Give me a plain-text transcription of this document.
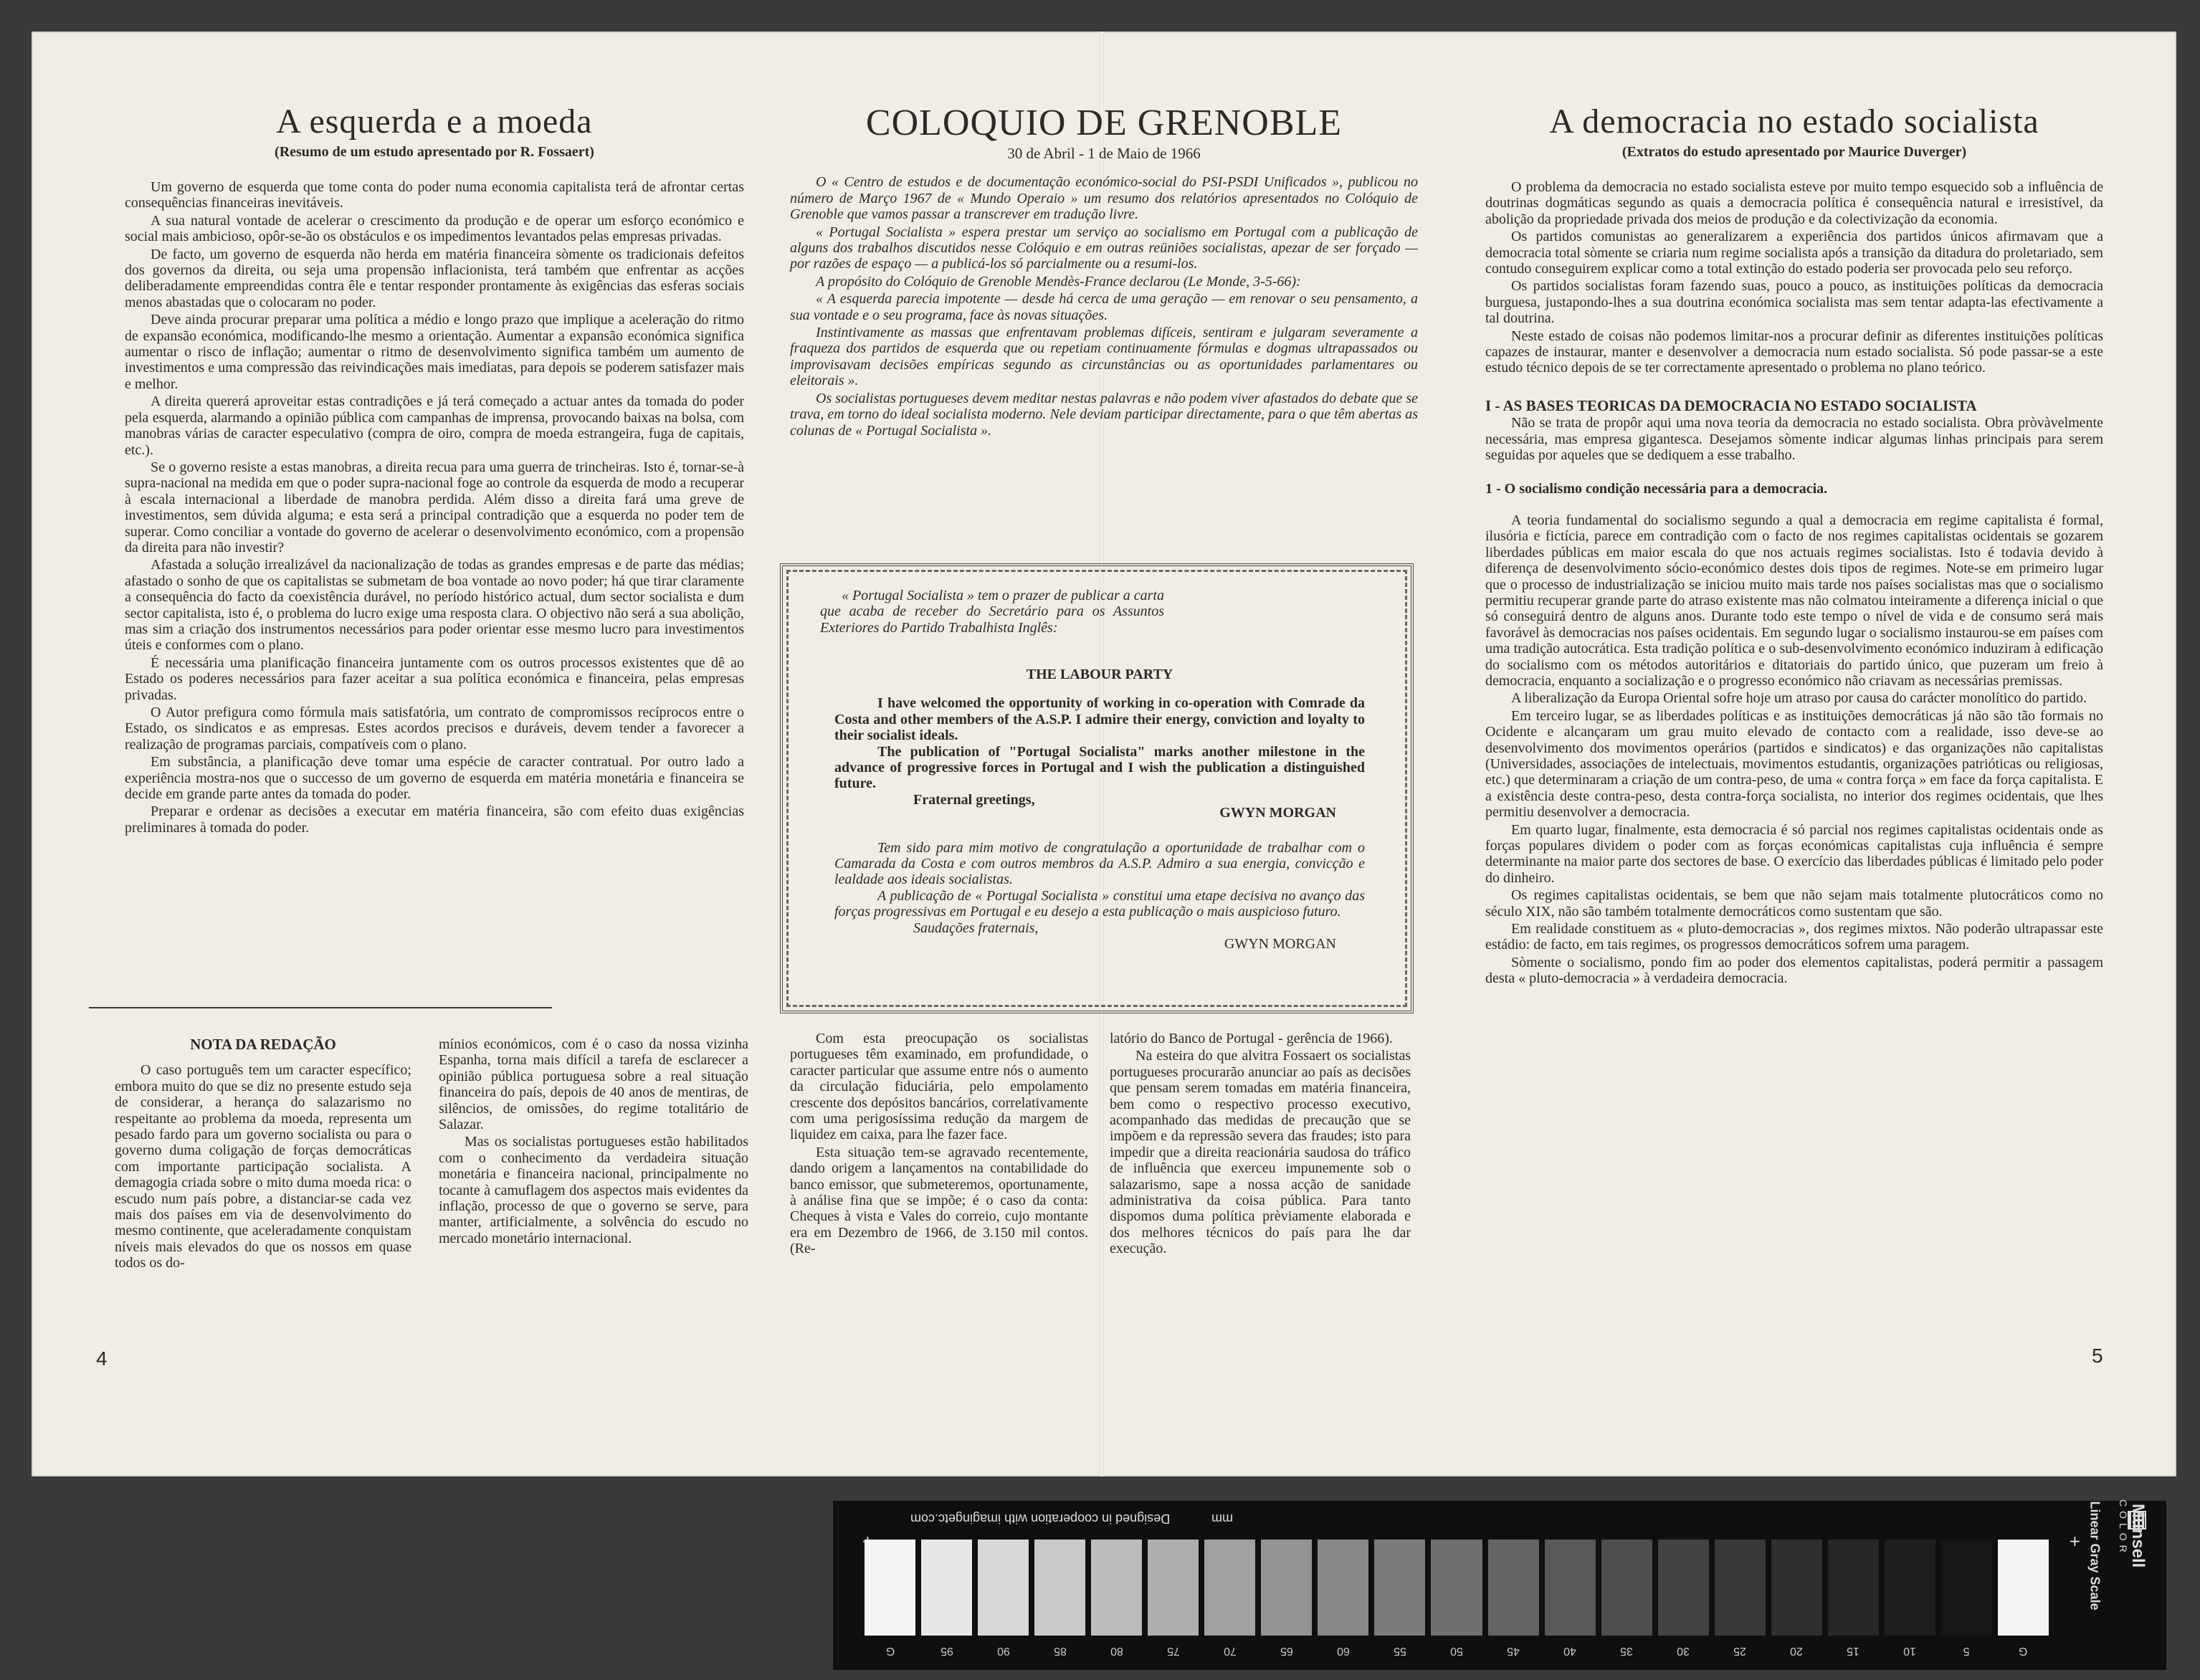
A esquerda e a moeda
(Resumo de um estudo apresentado por R. Fossaert)

Um governo de esquerda que tome conta do poder numa economia capitalista terá de afrontar certas consequências financeiras inevitáveis.

A sua natural vontade de acelerar o crescimento da produção e de operar um esforço económico e social mais ambicioso, opôr-se-ão os obstáculos e os impedimentos levantados pelas empresas privadas.

De facto, um governo de esquerda não herda em matéria financeira sòmente os tradicionais defeitos dos governos da direita, ou seja uma propensão inflacionista, terá também que enfrentar as acções deliberadamente empreendidas contra êle e tentar responder prontamente às exigências das esferas sociais menos abastadas que o colocaram no poder.

Deve ainda procurar preparar uma política a médio e longo prazo que implique a aceleração do ritmo de expansão económica, modificando-lhe mesmo a orientação. Aumentar a expansão económica significa aumentar o risco de inflação; aumentar o ritmo de desenvolvimento significa também um aumento de investimentos e uma compressão das reivindicações mais imediatas, para depois se poderem satisfazer mais e melhor.

A direita quererá aproveitar estas contradições e já terá começado a actuar antes da tomada do poder pela esquerda, alarmando a opinião pública com campanhas de imprensa, provocando baixas na bolsa, com manobras várias de caracter especulativo (compra de oiro, compra de moeda estrangeira, fuga de capitais, etc.).

Se o governo resiste a estas manobras, a direita recua para uma guerra de trincheiras. Isto é, tornar-se-à supra-nacional na medida em que o poder supra-nacional foge ao controle da esquerda de modo a recuperar à escala internacional a liberdade de manobra perdida. Além disso a direita fará uma greve de investimentos, sem dúvida alguma; e esta será a principal contradição que a esquerda no poder tem de superar. Como conciliar a vontade do governo de acelerar o desenvolvimento económico, com a propensão da direita para não investir?

Afastada a solução irrealizável da nacionalização de todas as grandes empresas e de parte das médias; afastado o sonho de que os capitalistas se submetam de boa vontade ao novo poder; há que tirar claramente a consequência do facto da coexistência durável, no período histórico actual, dum sector socialista e dum sector capitalista, isto é, o problema do lucro exige uma resposta clara. O objectivo não será a sua abolição, mas sim a criação dos instrumentos necessários para poder orientar esse mesmo lucro para investimentos úteis e conformes com o plano.

É necessária uma planificação financeira juntamente com os outros processos existentes que dê ao Estado os poderes necessários para fazer aceitar a sua política económica e financeira, pelas empresas privadas.

O Autor prefigura como fórmula mais satisfatória, um contrato de compromissos recíprocos entre o Estado, os sindicatos e as empresas. Estes acordos precisos e duráveis, devem tender a favorecer a realização de programas parciais, compatíveis com o plano.

Em substância, a planificação deve tomar uma espécie de caracter contratual. Por outro lado a experiência mostra-nos que o successo de um governo de esquerda em matéria monetária e financeira se decide em grande parte antes da tomada do poder.

Preparar e ordenar as decisões a executar em matéria financeira, são com efeito duas exigências preliminares à tomada do poder.

NOTA DA REDAÇÃO

O caso português tem um caracter específico; embora muito do que se diz no presente estudo seja de considerar, a herança do salazarismo no respeitante ao problema da moeda, representa um pesado fardo para um governo socialista ou para o governo duma coligação de forças democráticas com importante participação socialista. A demagogia criada sobre o mito duma moeda rica: o escudo num país pobre, a distanciar-se cada vez mais dos países em via de desenvolvimento do mesmo continente, que aceleradamente conquistam níveis mais elevados do que os nossos em quase todos os do-

mínios económicos, com é o caso da nossa vizinha Espanha, torna mais difícil a tarefa de esclarecer a opinião pública portuguesa sobre a real situação financeira do país, depois de 40 anos de mentiras, de silêncios, de omissões, do regime totalitário de Salazar.

Mas os socialistas portugueses estão habilitados com o conhecimento da verdadeira situação monetária e financeira nacional, principalmente no tocante à camuflagem dos aspectos mais evidentes da inflação, processo de que o governo se serve, para manter, artificialmente, a solvência do escudo no mercado monetário internacional.

4
COLOQUIO DE GRENOBLE

30 de Abril - 1 de Maio de 1966

O « Centro de estudos e de documentação económico-social do PSI-PSDI Unificados », publicou no número de Março 1967 de « Mundo Operaio » um resumo dos relatórios apresentados no Colóquio de Grenoble que vamos passar a transcrever em tradução livre.

« Portugal Socialista » espera prestar um serviço ao socialismo em Portugal com a publicação de alguns dos trabalhos discutidos nesse Colóquio e em outras reüniões socialistas, apezar de ser forçado — por razões de espaço — a publicá-los só parcialmente ou a resumi-los.

A propósito do Colóquio de Grenoble Mendès-France declarou (Le Monde, 3-5-66):

« A esquerda parecia impotente — desde há cerca de uma geração — em renovar o seu pensamento, a sua vontade e o seu programa, face às novas situações.

Instintivamente as massas que enfrentavam problemas difíceis, sentiram e julgaram severamente a fraqueza dos partidos de esquerda que ou repetiam continuamente fórmulas e dogmas ultrapassados ou improvisavam decisões empíricas segundo as circunstâncias ou as oportunidades parlamentares ou eleitorais ».

Os socialistas portugueses devem meditar nestas palavras e não podem viver afastados do debate que se trava, em torno do ideal socialista moderno. Nele deviam participar directamente, para o que têm abertas as colunas de « Portugal Socialista ».

« Portugal Socialista » tem o prazer de publicar a carta que acaba de receber do Secretário para os Assuntos Exteriores do Partido Trabalhista Inglês:

THE LABOUR PARTY

I have welcomed the opportunity of working in co-operation with Comrade da Costa and other members of the A.S.P. I admire their energy, conviction and loyalty to their socialist ideals.

The publication of "Portugal Socialista" marks another milestone in the advance of progressive forces in Portugal and I wish the publication a distinguished future.

Fraternal greetings,

GWYN MORGAN

Tem sido para mim motivo de congratulação a oportunidade de trabalhar com o Camarada da Costa e com outros membros da A.S.P. Admiro a sua energia, convicção e lealdade aos ideais socialistas.

A publicação de « Portugal Socialista » constitui uma etape decisiva no avanço das forças progressivas em Portugal e eu desejo a esta publicação o mais auspicioso futuro.

Saudações fraternais,

GWYN MORGAN

Com esta preocupação os socialistas portugueses têm examinado, em profundidade, o caracter particular que assume entre nós o aumento da circulação fiduciária, pelo empolamento crescente dos depósitos bancários, correlativamente com uma perigosíssima redução da margem de liquidez em caixa, para lhe fazer face.

Esta situação tem-se agravado recentemente, dando origem a lançamentos na contabilidade do banco emissor, que submeteremos, oportunamente, à análise fina que se impõe; é o caso da conta: Cheques à vista e Vales do correio, cujo montante era em Dezembro de 1966, de 3.150 mil contos. (Re-

latório do Banco de Portugal - gerência de 1966).

Na esteira do que alvitra Fossaert os socialistas portugueses procurarão anunciar ao país as decisões que pensam serem tomadas em matéria financeira, bem como o respectivo processo executivo, acompanhado das medidas de precaução que se impõem e da repressão severa das fraudes; isto para impedir que a direita reacionária saudosa do tráfico de influência que exerceu impunemente sob o salazarismo, sape a nossa acção de sanidade administrativa da coisa pública. Para tanto dispomos duma política prèviamente elaborada e dos melhores técnicos do país para lhe dar execução.

A democracia no estado socialista
(Extratos do estudo apresentado por Maurice Duverger)

O problema da democracia no estado socialista esteve por muito tempo esquecido sob a influência de doutrinas dogmáticas segundo as quais a democracia política é consequência natural e irresistível, da abolição da propriedade privada dos meios de produção e da colectivização da economia.

Os partidos comunistas ao generalizarem a experiência dos partidos únicos afirmavam que a democracia total sòmente se criaria num regime socialista após a transição da ditadura do proletariado, sem contudo conseguirem explicar como a total extinção do estado poderia ser provocada pelo seu reforço.

Os partidos socialistas foram fazendo suas, pouco a pouco, as instituições políticas da democracia burguesa, justapondo-lhes a sua doutrina económica socialista mas sem tentar adapta-las efectivamente a tal doutrina.

Neste estado de coisas não podemos limitar-nos a procurar definir as diferentes instituições políticas capazes de instaurar, manter e desenvolver a democracia num estado socialista. Só pode passar-se a este estudo técnico depois de se ter correctamente apresentado o problema no plano teórico.

I - AS BASES TEORICAS DA DEMOCRACIA NO ESTADO SOCIALISTA

Não se trata de propôr aqui uma nova teoria da democracia no estado socialista. Obra pròvàvelmente necessária, mas empresa gigantesca. Desejamos sòmente indicar algumas linhas principais para serem seguidas por aqueles que se dediquem a esse trabalho.

1 - O socialismo condição necessária para a democracia.

A teoria fundamental do socialismo segundo a qual a democracia em regime capitalista é formal, ilusória e fictícia, parece em contradição com o facto de nos regimes capitalistas ocidentais se gozarem liberdades públicas em maior escala do que nos actuais regimes socialistas. Isto é todavia devido à diferença de desenvolvimento sócio-económico destes dois tipos de regimes. Note-se em primeiro lugar que o processo de industrialização se iniciou muito mais tarde nos países socialistas mas que o socialismo permitiu recuperar grande parte do atraso existente mas não colmatou inteiramente a diferença inicial o que só conseguirá dentro de alguns anos. Durante todo este tempo o nível de vida e de consumo será mais favorável às democracias nos países ocidentais. Em segundo lugar o socialismo instaurou-se em países com uma tradição autocrática. Esta tradição política e o sub-desenvolvimento económico induziram à edificação do socialismo com os métodos autoritários e ditatoriais do partido único, que puzeram um freio à democracia, enquanto a socialização e o progresso económico não criavam as necessárias premissas.

A liberalização da Europa Oriental sofre hoje um atraso por causa do carácter monolítico do partido.

Em terceiro lugar, se as liberdades políticas e as instituições democráticas já não são tão formais no Ocidente e alcançaram um grau muito elevado de contacto com a realidade, isso deve-se ao desenvolvimento dos movimentos operários (partidos e sindicatos) e das organizações não capitalistas (Universidades, associações de intelectuais, movimentos estudantis, organizações patrióticas ou religiosas, etc.) que determinaram a criação de um contra-peso, de uma « contra força » em face da força capitalista. E a existência deste contra-peso, desta contra-força socialista, no interior dos regimes ocidentais, que lhes permitiu desenvolver a democracia.

Em quarto lugar, finalmente, esta democracia é só parcial nos regimes capitalistas ocidentais onde as forças populares dividem o poder com as forças económicas capitalistas cuja influência é sempre determinante na maior parte dos sectores de base. O exercício das liberdades públicas é limitado pelo poder do dinheiro.

Os regimes capitalistas ocidentais, se bem que não sejam mais totalmente plutocráticos como no século XIX, não são também totalmente democráticos como sustentam que são.

Em realidade constituem as « pluto-democracias », dos regimes mixtos. Não poderão ultrapassar este estádio: de facto, em tais regimes, os progressos democráticos sofrem uma paragem.

Sòmente o socialismo, pondo fim ao poder dos elementos capitalistas, poderá permitir a passagem desta « pluto-democracia » à verdadeira democracia.

5
Designed in cooperation with imagingetc.com	mm
G	95	90	85	80	75	70	65	60	55	50	45	40	35	30	25	20	15	10	5	G
Munsell
COLOR
Linear Gray Scale
+	+
